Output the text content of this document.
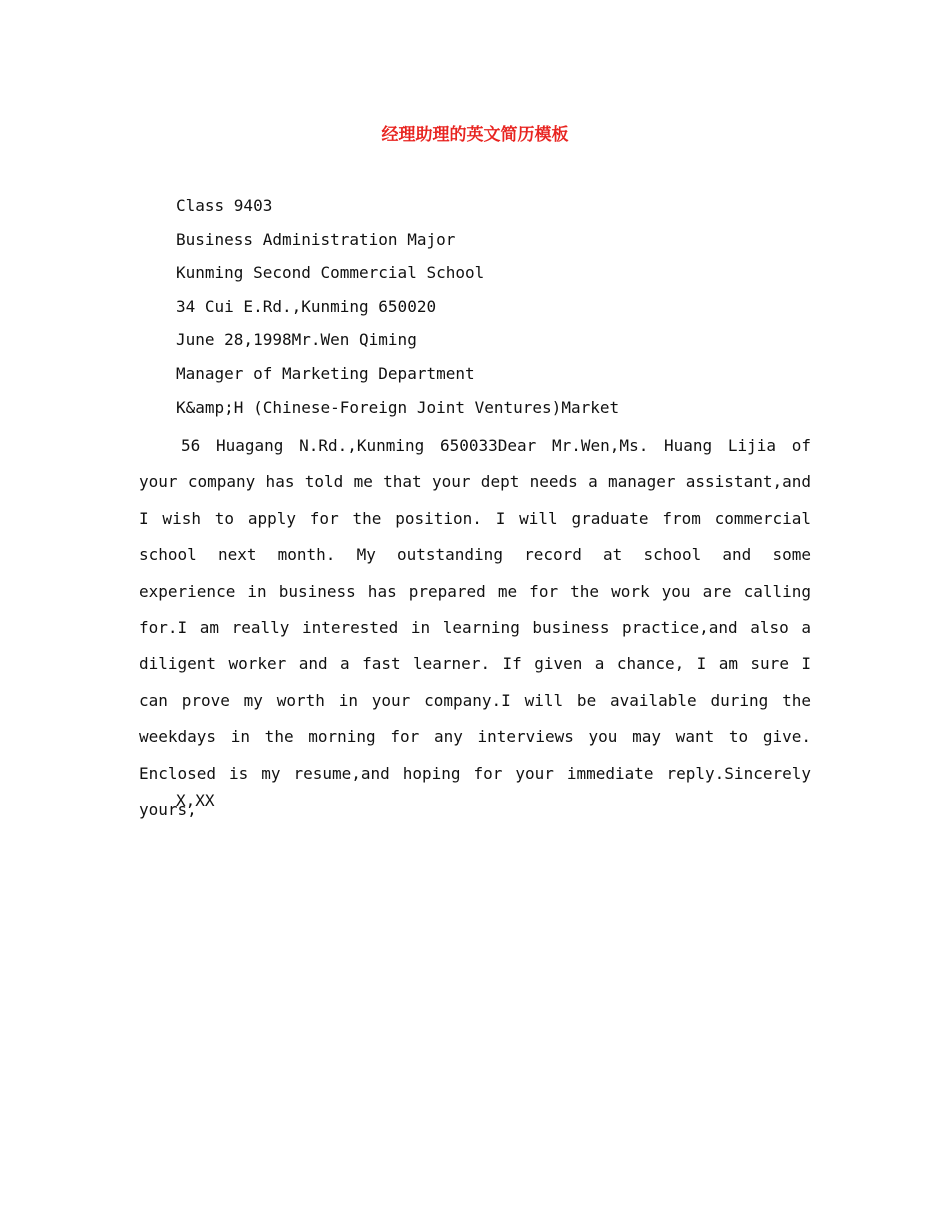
经理助理的英文简历模板
Class 9403
Business Administration Major
Kunming Second Commercial School
34 Cui E.Rd.,Kunming 650020
June 28,1998Mr.Wen Qiming
Manager of Marketing Department
K&amp;H (Chinese-Foreign Joint Ventures)Market

56 Huagang N.Rd.,Kunming 650033Dear Mr.Wen,Ms. Huang Lijia of your company has told me that your dept needs a manager assistant,and I wish to apply for the position. I will graduate from commercial school next month. My outstanding record at school and some experience in business has prepared me for the work you are calling for.I am really interested in learning business practice,and also a diligent worker and a fast learner. If given a chance, I am sure I can prove my worth in your company.I will be available during the weekdays in the morning for any interviews you may want to give. Enclosed is my resume,and hoping for your immediate reply.Sincerely yours,

X,XX
